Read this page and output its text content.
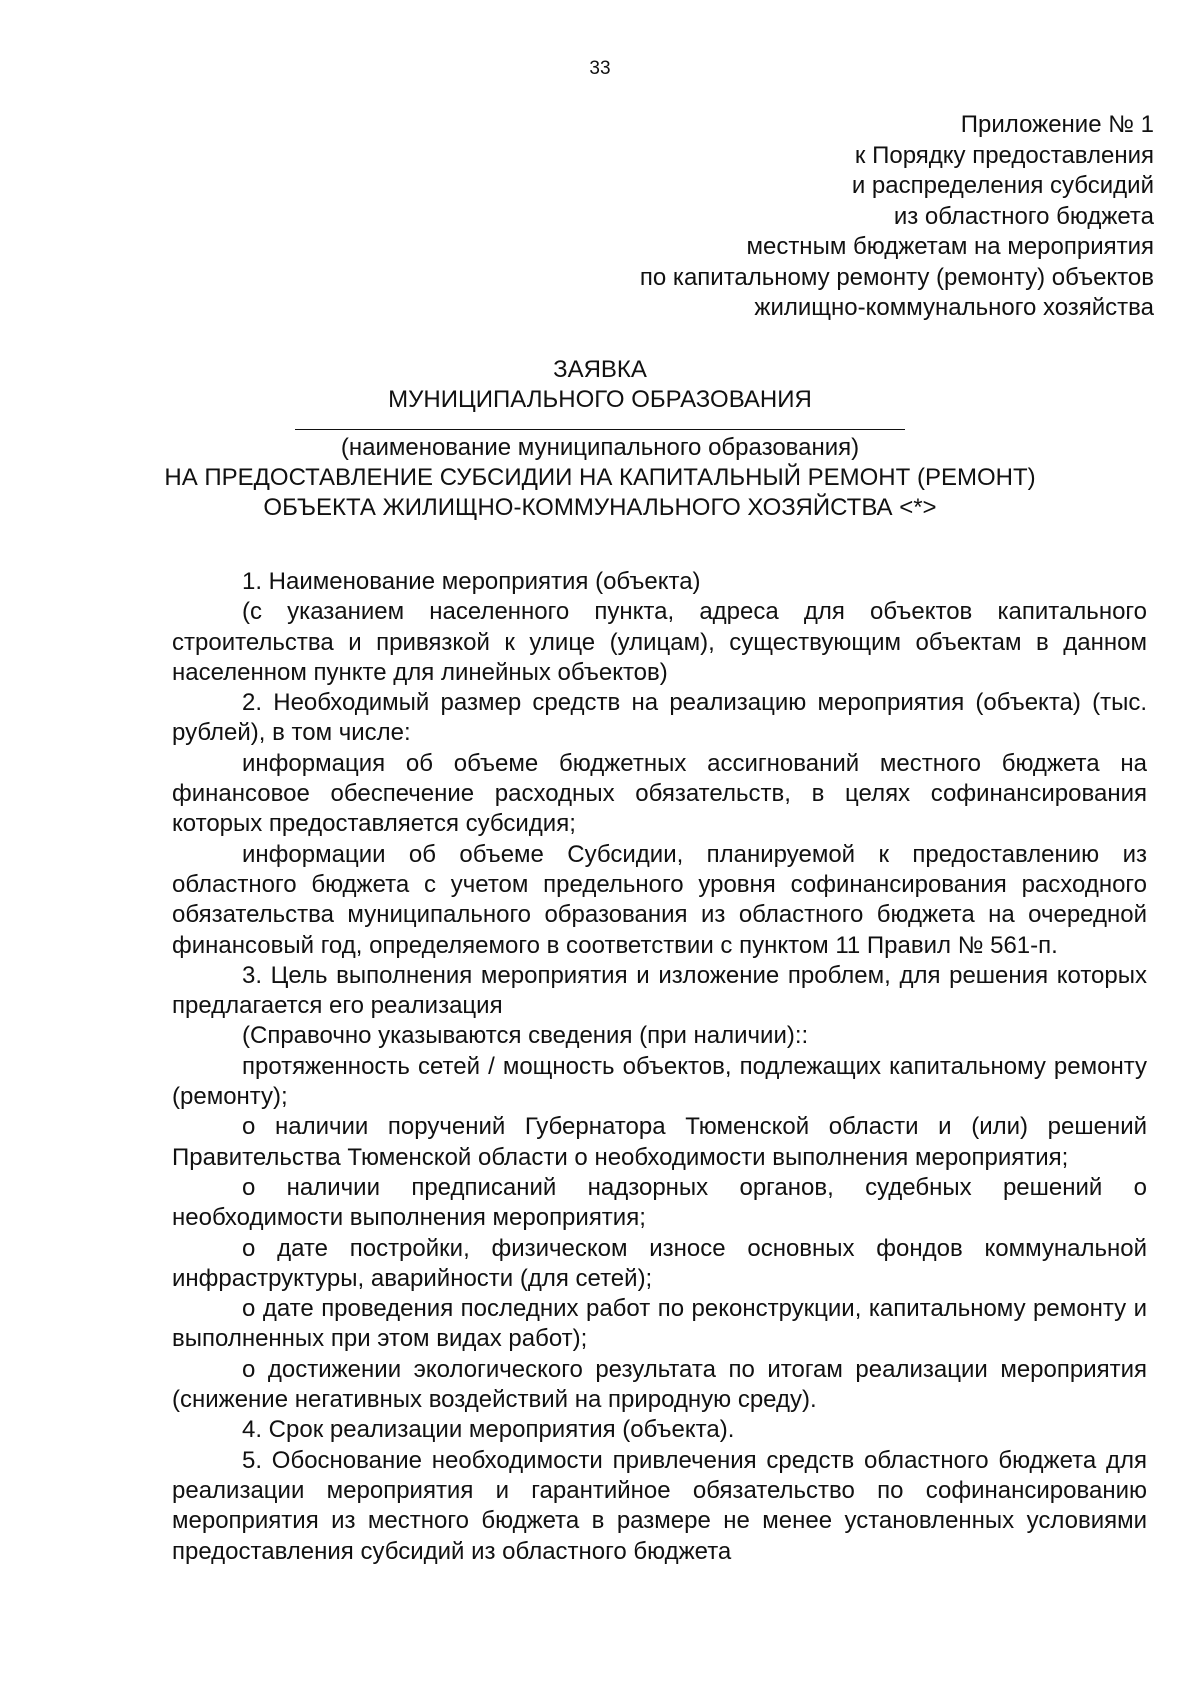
33
Приложение № 1
к Порядку предоставления
и распределения субсидий
из областного бюджета
местным бюджетам на мероприятия
по капитальному ремонту (ремонту) объектов
жилищно-коммунального хозяйства
ЗАЯВКА
МУНИЦИПАЛЬНОГО ОБРАЗОВАНИЯ
(наименование муниципального образования)
НА ПРЕДОСТАВЛЕНИЕ СУБСИДИИ НА КАПИТАЛЬНЫЙ РЕМОНТ (РЕМОНТ)
ОБЪЕКТА ЖИЛИЩНО-КОММУНАЛЬНОГО ХОЗЯЙСТВА <*>

1. Наименование мероприятия (объекта)

(с указанием населенного пункта, адреса для объектов капитального строительства и привязкой к улице (улицам), существующим объектам в данном населенном пункте для линейных объектов)

2. Необходимый размер средств на реализацию мероприятия (объекта) (тыс. рублей), в том числе:

информация об объеме бюджетных ассигнований местного бюджета на финансовое обеспечение расходных обязательств, в целях софинансирования которых предоставляется субсидия;

информации об объеме Субсидии, планируемой к предоставлению из областного бюджета с учетом предельного уровня софинансирования расходного обязательства муниципального образования из областного бюджета на очередной финансовый год, определяемого в соответствии с пунктом 11 Правил № 561-п.

3. Цель выполнения мероприятия и изложение проблем, для решения которых предлагается его реализация

(Справочно указываются сведения (при наличии)::

протяженность сетей / мощность объектов, подлежащих капитальному ремонту (ремонту);

о наличии поручений Губернатора Тюменской области и (или) решений Правительства Тюменской области о необходимости выполнения мероприятия;

о наличии предписаний надзорных органов, судебных решений о необходимости выполнения мероприятия;

о дате постройки, физическом износе основных фондов коммунальной инфраструктуры, аварийности (для сетей);

о дате проведения последних работ по реконструкции, капитальному ремонту и выполненных при этом видах работ);

о достижении экологического результата по итогам реализации мероприятия (снижение негативных воздействий на природную среду).

4. Срок реализации мероприятия (объекта).

5. Обоснование необходимости привлечения средств областного бюджета для реализации мероприятия и гарантийное обязательство по софинансированию мероприятия из местного бюджета в размере не менее установленных условиями предоставления субсидий из областного бюджета
